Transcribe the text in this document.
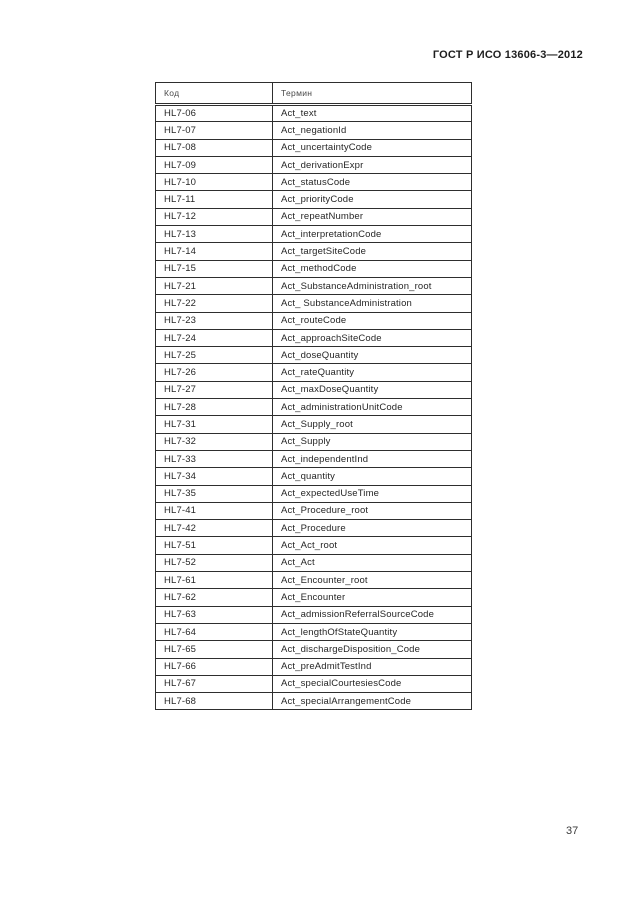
ГОСТ Р ИСО 13606-3—2012
Код	Термин
HL7-06	Act_text
HL7-07	Act_negationId
HL7-08	Act_uncertaintyCode
HL7-09	Act_derivationExpr
HL7-10	Act_statusCode
HL7-11	Act_priorityCode
HL7-12	Act_repeatNumber
HL7-13	Act_interpretationCode
HL7-14	Act_targetSiteCode
HL7-15	Act_methodCode
HL7-21	Act_SubstanceAdministration_root
HL7-22	Act_ SubstanceAdministration
HL7-23	Act_routeCode
HL7-24	Act_approachSiteCode
HL7-25	Act_doseQuantity
HL7-26	Act_rateQuantity
HL7-27	Act_maxDoseQuantity
HL7-28	Act_administrationUnitCode
HL7-31	Act_Supply_root
HL7-32	Act_Supply
HL7-33	Act_independentInd
HL7-34	Act_quantity
HL7-35	Act_expectedUseTime
HL7-41	Act_Procedure_root
HL7-42	Act_Procedure
HL7-51	Act_Act_root
HL7-52	Act_Act
HL7-61	Act_Encounter_root
HL7-62	Act_Encounter
HL7-63	Act_admissionReferralSourceCode
HL7-64	Act_lengthOfStateQuantity
HL7-65	Act_dischargeDisposition_Code
HL7-66	Act_preAdmitTestInd
HL7-67	Act_specialCourtesiesCode
HL7-68	Act_specialArrangementCode
37
